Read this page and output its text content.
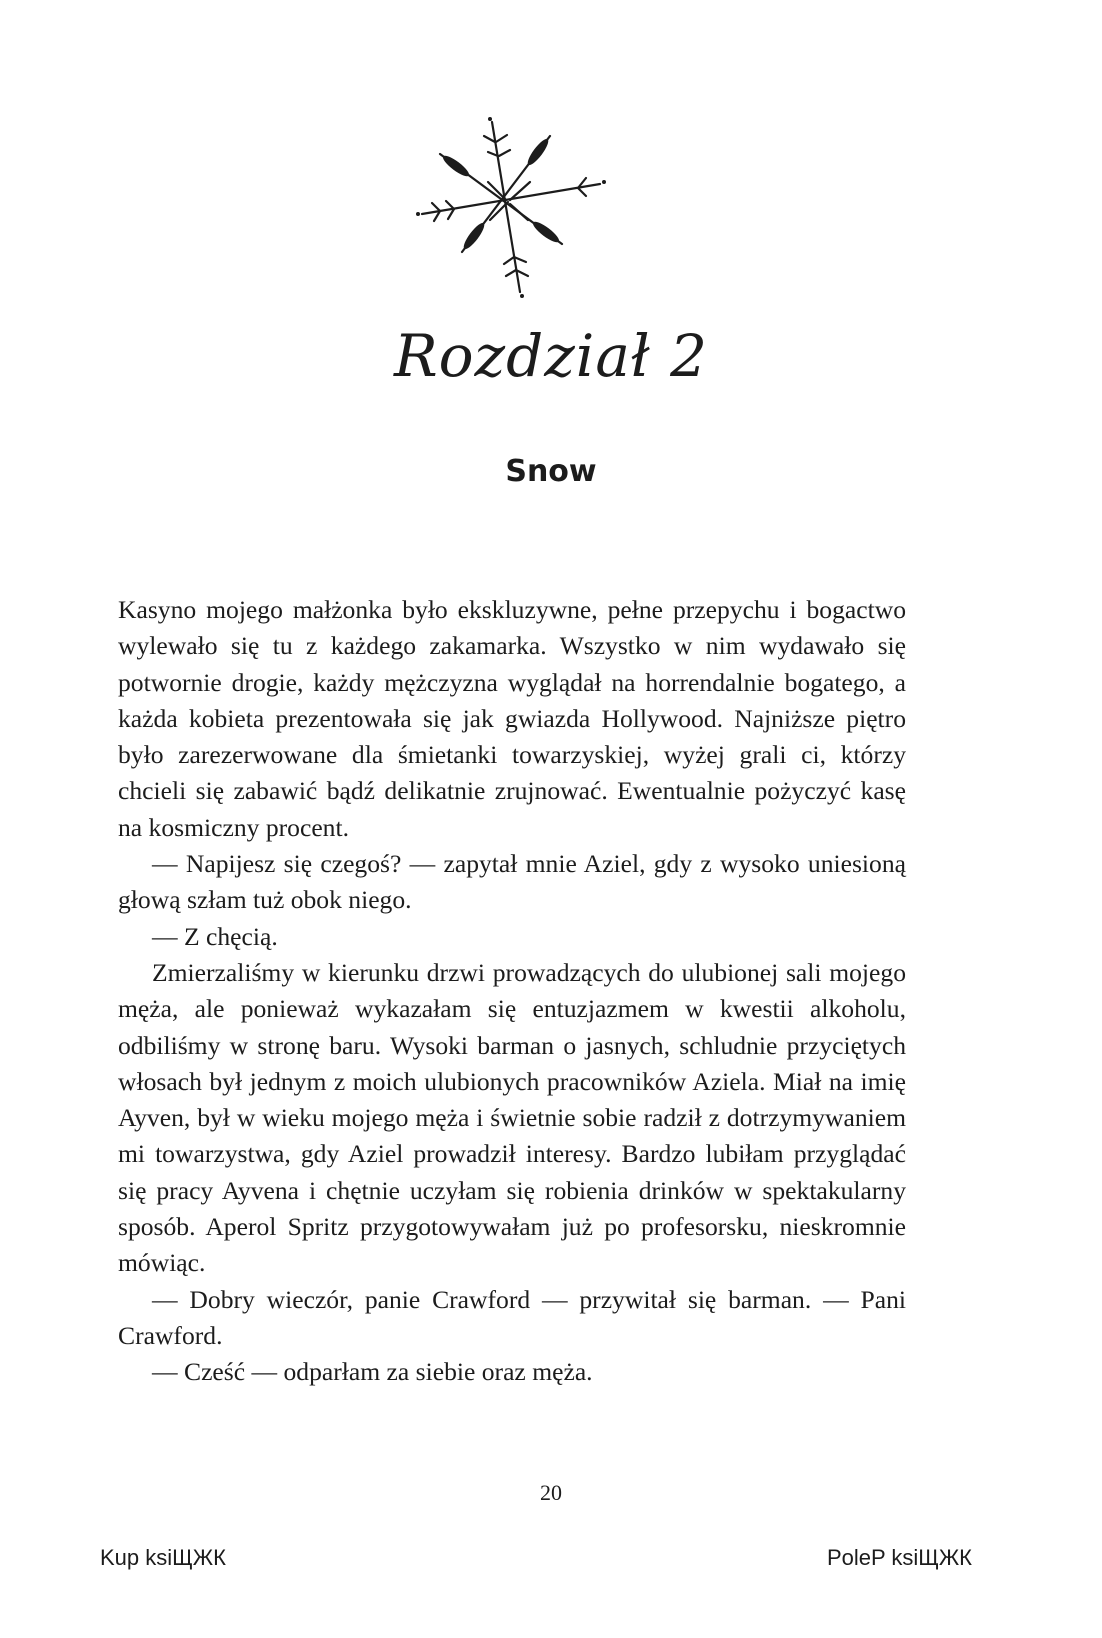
Rozdział 2
Snow

Kasyno mojego małżonka było ekskluzywne, pełne przepychu i bogactwo wylewało się tu z każdego zakamarka. Wszystko w nim wydawało się potwornie drogie, każdy mężczyzna wyglądał na horrendalnie bogatego, a każda kobieta prezentowała się jak gwiazda Hollywood. Najniższe piętro było zarezerwowane dla śmietanki towarzyskiej, wyżej grali ci, którzy chcieli się zabawić bądź delikatnie zrujnować. Ewentualnie pożyczyć kasę na kosmiczny procent.

— Napijesz się czegoś? — zapytał mnie Aziel, gdy z wysoko uniesioną głową szłam tuż obok niego.

— Z chęcią.

Zmierzaliśmy w kierunku drzwi prowadzących do ulubionej sali mojego męża, ale ponieważ wykazałam się entuzjazmem w kwestii alkoholu, odbiliśmy w stronę baru. Wysoki barman o jasnych, schludnie przyciętych włosach był jednym z moich ulubionych pracowników Aziela. Miał na imię Ayven, był w wieku mojego męża i świetnie sobie radził z dotrzymywaniem mi towarzystwa, gdy Aziel prowadził interesy. Bardzo lubiłam przyglądać się pracy Ayvena i chętnie uczyłam się robienia drinków w spektakularny sposób. Aperol Spritz przygotowywałam już po profesorsku, nieskromnie mówiąc.

— Dobry wieczór, panie Crawford — przywitał się barman. — Pani Crawford.

— Cześć — odparłam za siebie oraz męża.

20
Kup ksiЩЖК	PoleP ksiЩЖК
